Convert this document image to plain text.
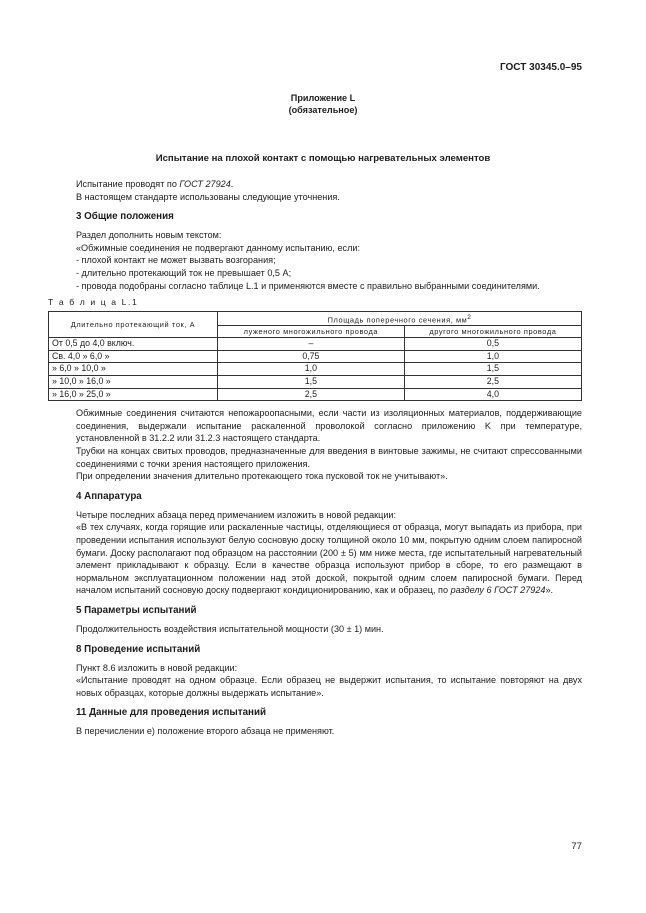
ГОСТ 30345.0–95
Приложение L
(обязательное)
Испытание на плохой контакт с помощью нагревательных элементов

Испытание проводят по ГОСТ 27924.

В настоящем стандарте использованы следующие уточнения.

3 Общие положения

Раздел дополнить новым текстом:

«Обжимные соединения не подвергают данному испытанию, если:

- плохой контакт не может вызвать возгорания;

- длительно протекающий ток не превышает 0,5 А;

- провода подобраны согласно таблице L.1 и применяются вместе с правильно выбранными соединителями.

Т а б л и ц а L.1
Длительно протекающий ток, А	Площадь поперечного сечения, $мм^2$
	луженого многожильного провода	другого многожильного провода
От 0,5 до 4,0 включ.	–	0,5
Св. 4,0 » 6,0 »	0,75	1,0
» 6,0 » 10,0 »	1,0	1,5
» 10,0 » 16,0 »	1,5	2,5
» 16,0 » 25,0 »	2,5	4,0

Обжимные соединения считаются непожароопасными, если части из изоляционных материалов, поддерживающие соединения, выдержали испытание раскаленной проволокой согласно приложению K при температуре, установленной в 31.2.2 или 31.2.3 настоящего стандарта.

Трубки на концах свитых проводов, предназначенные для введения в винтовые зажимы, не считают спрессованными соединениями с точки зрения настоящего приложения.

При определении значения длительно протекающего тока пусковой ток не учитывают».

4 Аппаратура

Четыре последних абзаца перед примечанием изложить в новой редакции:

«В тех случаях, когда горящие или раскаленные частицы, отделяющиеся от образца, могут выпадать из прибора, при проведении испытания используют белую сосновую доску толщиной около 10 мм, покрытую одним слоем папиросной бумаги. Доску располагают под образцом на расстоянии (200 ± 5) мм ниже места, где испытательный нагревательный элемент прикладывают к образцу. Если в качестве образца используют прибор в сборе, то его размещают в нормальном эксплуатационном положении над этой доской, покрытой одним слоем папиросной бумаги. Перед началом испытаний сосновую доску подвергают кондиционированию, как и образец, по разделу 6 ГОСТ 27924».

5 Параметры испытаний

Продолжительность воздействия испытательной мощности (30 ± 1) мин.

8 Проведение испытаний

Пункт 8.6 изложить в новой редакции:

«Испытание проводят на одном образце. Если образец не выдержит испытания, то испытание повторяют на двух новых образцах, которые должны выдержать испытание».

11 Данные для проведения испытаний

В перечислении e) положение второго абзаца не применяют.

77
